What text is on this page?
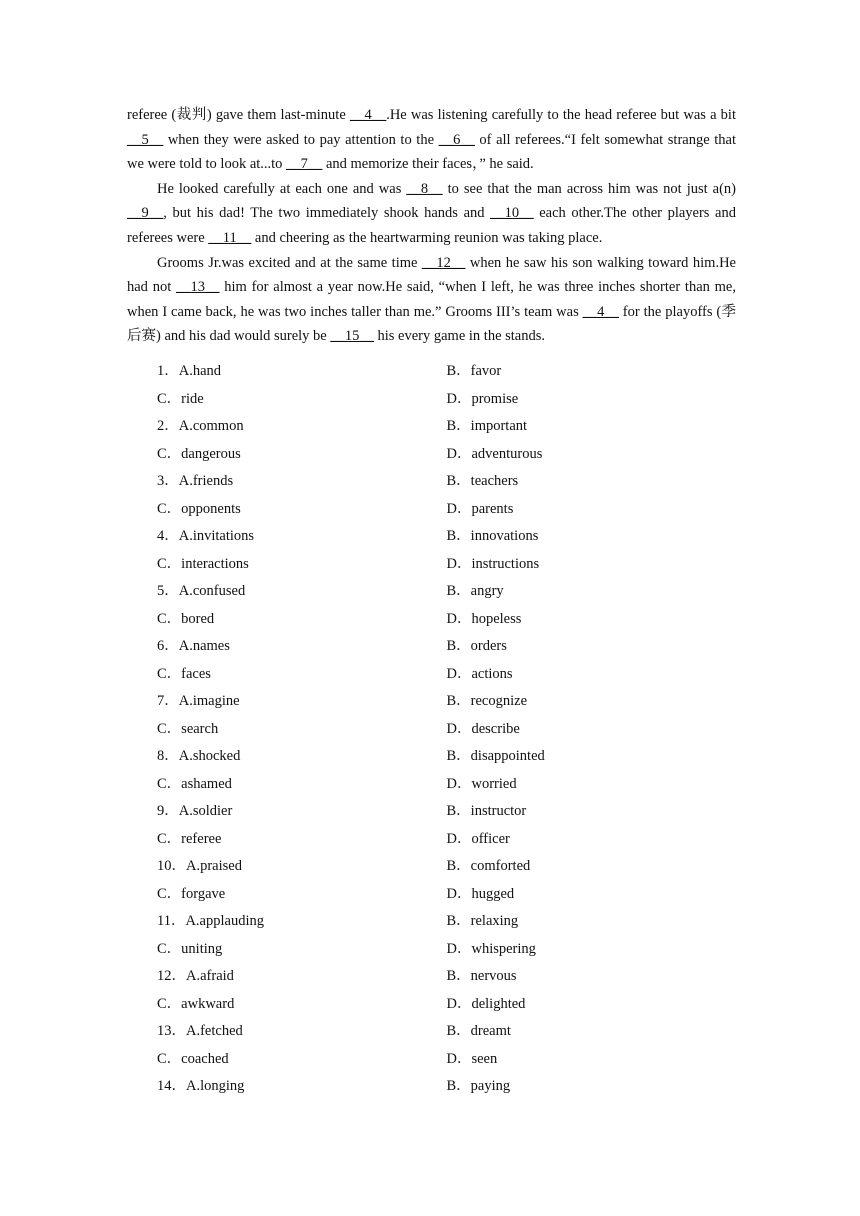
referee (裁判) gave them last-minute __4__.He was listening carefully to the head referee but was a bit __5__ when they were asked to pay attention to the __6__ of all referees.“I felt somewhat strange that we were told to look at...to __7__ and memorize their faces，” he said.

He looked carefully at each one and was __8__ to see that the man across him was not just a(n) __9__, but his dad! The two immediately shook hands and __10__ each other.The other players and referees were __11__ and cheering as the heartwarming reunion was taking place.

Grooms Jr.was excited and at the same time __12__ when he saw his son walking toward him.He had not __13__ him for almost a year now.He said, “when I left, he was three inches shorter than me, when I came back, he was two inches taller than me.” Grooms III’s team was __4__ for the playoffs (季后赛) and his dad would surely be __15__ his every game in the stands.

1．A.hand	B．favor
C．ride	D．promise
2．A.common	B．important
C．dangerous	D．adventurous
3．A.friends	B．teachers
C．opponents	D．parents
4．A.invitations	B．innovations
C．interactions	D．instructions
5．A.confused	B．angry
C．bored	D．hopeless
6．A.names	B．orders
C．faces	D．actions
7．A.imagine	B．recognize
C．search	D．describe
8．A.shocked	B．disappointed
C．ashamed	D．worried
9．A.soldier	B．instructor
C．referee	D．officer
10．A.praised	B．comforted
C．forgave	D．hugged
11．A.applauding	B．relaxing
C．uniting	D．whispering
12．A.afraid	B．nervous
C．awkward	D．delighted
13．A.fetched	B．dreamt
C．coached	D．seen
14．A.longing	B．paying
